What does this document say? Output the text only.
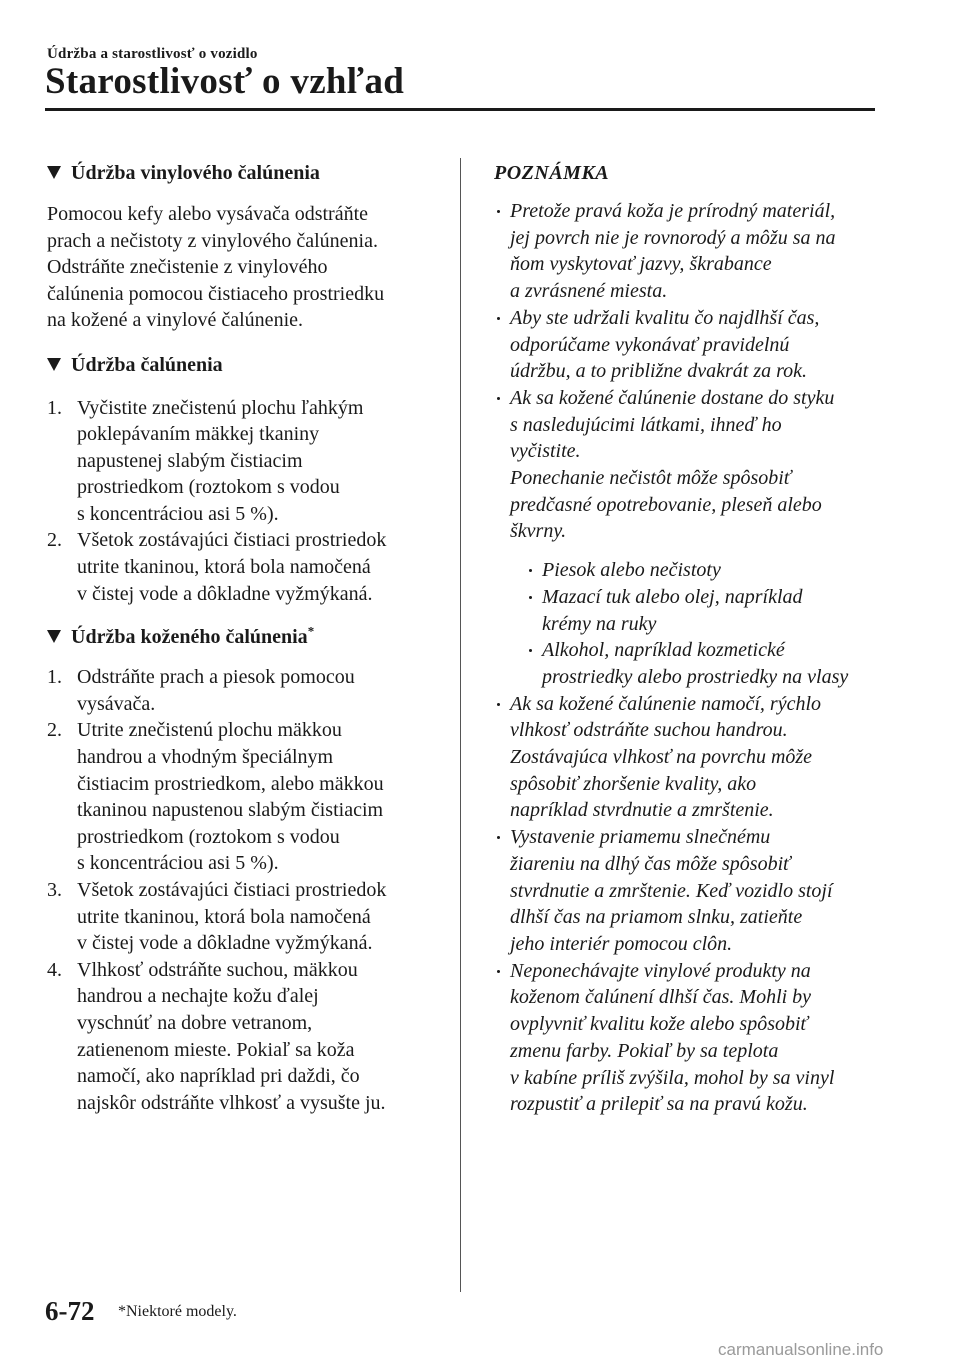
Údržba a starostlivosť o vozidlo
Starostlivosť o vzhľad
Údržba vinylového čalúnenia

Pomocou kefy alebo vysávača odstráňte
prach a nečistoty z vinylového čalúnenia.
Odstráňte znečistenie z vinylového
čalúnenia pomocou čistiaceho prostriedku
na kožené a vinylové čalúnenie.

Údržba čalúnenia
1. Vyčistite znečistenú plochu ľahkým
poklepávaním mäkkej tkaniny
napustenej slabým čistiacim
prostriedkom (roztokom s vodou
s koncentráciou asi 5 %).
2. Všetok zostávajúci čistiaci prostriedok
utrite tkaninou, ktorá bola namočená
v čistej vode a dôkladne vyžmýkaná.
Údržba koženého čalúnenia*
1. Odstráňte prach a piesok pomocou
vysávača.
2. Utrite znečistenú plochu mäkkou
handrou a vhodným špeciálnym
čistiacim prostriedkom, alebo mäkkou
tkaninou napustenou slabým čistiacim
prostriedkom (roztokom s vodou
s koncentráciou asi 5 %).
3. Všetok zostávajúci čistiaci prostriedok
utrite tkaninou, ktorá bola namočená
v čistej vode a dôkladne vyžmýkaná.
4. Vlhkosť odstráňte suchou, mäkkou
handrou a nechajte kožu ďalej
vyschnúť na dobre vetranom,
zatienenom mieste. Pokiaľ sa koža
namočí, ako napríklad pri daždi, čo
najskôr odstráňte vlhkosť a vysušte ju.

POZNÁMKA

Pretože pravá koža je prírodný materiál,
jej povrch nie je rovnorodý a môžu sa na
ňom vyskytovať jazvy, škrabance
a zvrásnené miesta.
Aby ste udržali kvalitu čo najdlhší čas,
odporúčame vykonávať pravidelnú
údržbu, a to približne dvakrát za rok.
Ak sa kožené čalúnenie dostane do styku
s nasledujúcimi látkami, ihneď ho
vyčistite.
Ponechanie nečistôt môže spôsobiť
predčasné opotrebovanie, pleseň alebo
škvrny.
Piesok alebo nečistoty
Mazací tuk alebo olej, napríklad
krémy na ruky
Alkohol, napríklad kozmetické
prostriedky alebo prostriedky na vlasy
Ak sa kožené čalúnenie namočí, rýchlo
vlhkosť odstráňte suchou handrou.
Zostávajúca vlhkosť na povrchu môže
spôsobiť zhoršenie kvality, ako
napríklad stvrdnutie a zmrštenie.
Vystavenie priamemu slnečnému
žiareniu na dlhý čas môže spôsobiť
stvrdnutie a zmrštenie. Keď vozidlo stojí
dlhší čas na priamom slnku, zatieňte
jeho interiér pomocou clôn.
Neponechávajte vinylové produkty na
koženom čalúnení dlhší čas. Mohli by
ovplyvniť kvalitu kože alebo spôsobiť
zmenu farby. Pokiaľ by sa teplota
v kabíne príliš zvýšila, mohol by sa vinyl
rozpustiť a prilepiť sa na pravú kožu.
6-72 *Niektoré modely.
carmanualsonline.info
